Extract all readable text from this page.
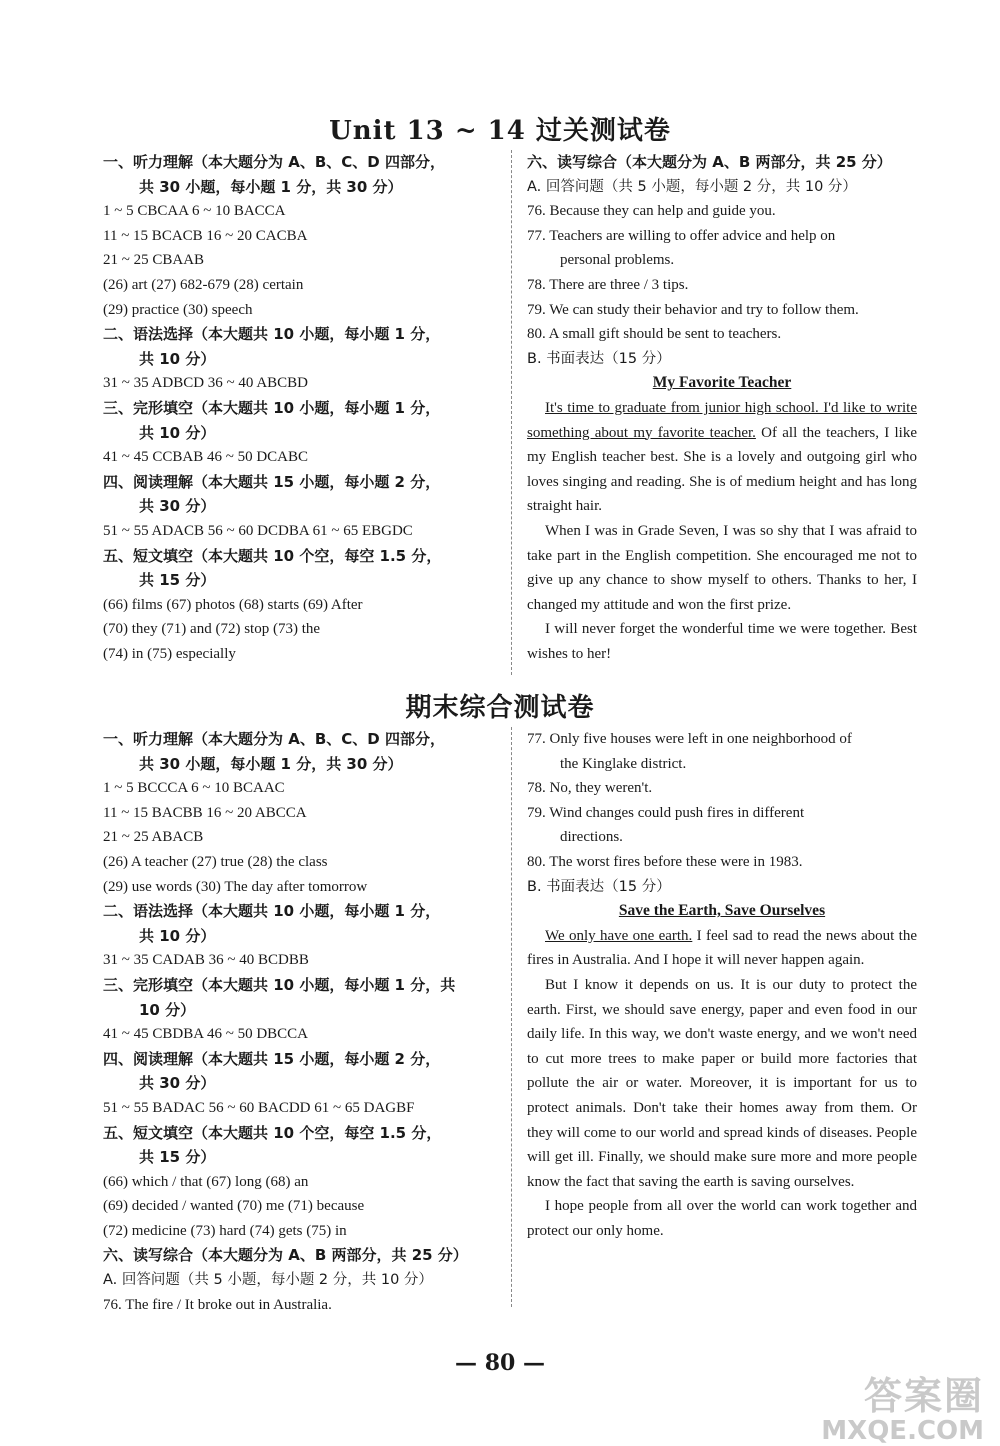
Unit 13 ~ 14 过关测试卷
一、听力理解（本大题分为 A、B、C、D 四部分，
共 30 小题，每小题 1 分，共 30 分）
1 ~ 5 CBCAA 6 ~ 10 BACCA
11 ~ 15 BCACB 16 ~ 20 CACBA
21 ~ 25 CBAAB
(26) art (27) 682-679 (28) certain
(29) practice (30) speech
二、语法选择（本大题共 10 小题，每小题 1 分，
共 10 分）
31 ~ 35 ADBCD 36 ~ 40 ABCBD
三、完形填空（本大题共 10 小题，每小题 1 分，
共 10 分）
41 ~ 45 CCBAB 46 ~ 50 DCABC
四、阅读理解（本大题共 15 小题，每小题 2 分，
共 30 分）
51 ~ 55 ADACB 56 ~ 60 DCDBA 61 ~ 65 EBGDC
五、短文填空（本大题共 10 个空，每空 1.5 分，
共 15 分）
(66) films (67) photos (68) starts (69) After
(70) they (71) and (72) stop (73) the
(74) in (75) especially
六、读写综合（本大题分为 A、B 两部分，共 25 分）
A. 回答问题（共 5 小题，每小题 2 分，共 10 分）
76. Because they can help and guide you.
77. Teachers are willing to offer advice and help on
personal problems.
78. There are three / 3 tips.
79. We can study their behavior and try to follow them.
80. A small gift should be sent to teachers.
B. 书面表达（15 分）
My Favorite Teacher
It's time to graduate from junior high school. I'd like to write something about my favorite teacher. Of all the teachers, I like my English teacher best. She is a lovely and outgoing girl who loves singing and reading. She is of medium height and has long straight hair.
When I was in Grade Seven, I was so shy that I was afraid to take part in the English competition. She encouraged me not to give up any chance to show myself to others. Thanks to her, I changed my attitude and won the first prize.
I will never forget the wonderful time we were together. Best wishes to her!
期末综合测试卷
一、听力理解（本大题分为 A、B、C、D 四部分，
共 30 小题，每小题 1 分，共 30 分）
1 ~ 5 BCCCA 6 ~ 10 BCAAC
11 ~ 15 BACBB 16 ~ 20 ABCCA
21 ~ 25 ABACB
(26) A teacher (27) true (28) the class
(29) use words (30) The day after tomorrow
二、语法选择（本大题共 10 小题，每小题 1 分，
共 10 分）
31 ~ 35 CADAB 36 ~ 40 BCDBB
三、完形填空（本大题共 10 小题，每小题 1 分，共
10 分）
41 ~ 45 CBDBA 46 ~ 50 DBCCA
四、阅读理解（本大题共 15 小题，每小题 2 分，
共 30 分）
51 ~ 55 BADAC 56 ~ 60 BACDD 61 ~ 65 DAGBF
五、短文填空（本大题共 10 个空，每空 1.5 分，
共 15 分）
(66) which / that (67) long (68) an
(69) decided / wanted (70) me (71) because
(72) medicine (73) hard (74) gets (75) in
六、读写综合（本大题分为 A、B 两部分，共 25 分）
A. 回答问题（共 5 小题，每小题 2 分，共 10 分）
76. The fire / It broke out in Australia.
77. Only five houses were left in one neighborhood of
the Kinglake district.
78. No, they weren't.
79. Wind changes could push fires in different
directions.
80. The worst fires before these were in 1983.
B. 书面表达（15 分）
Save the Earth, Save Ourselves
We only have one earth. I feel sad to read the news about the fires in Australia. And I hope it will never happen again.
But I know it depends on us. It is our duty to protect the earth. First, we should save energy, paper and even food in our daily life. In this way, we don't waste energy, and we won't need to cut more trees to make paper or build more factories that pollute the air or water. Moreover, it is important for us to protect animals. Don't take their homes away from them. Or they will come to our world and spread kinds of diseases. People will get ill. Finally, we should make sure more and more people know the fact that saving the earth is saving ourselves.
I hope people from all over the world can work together and protect our only home.
— 80 —
答案圈
MXQE.COM
